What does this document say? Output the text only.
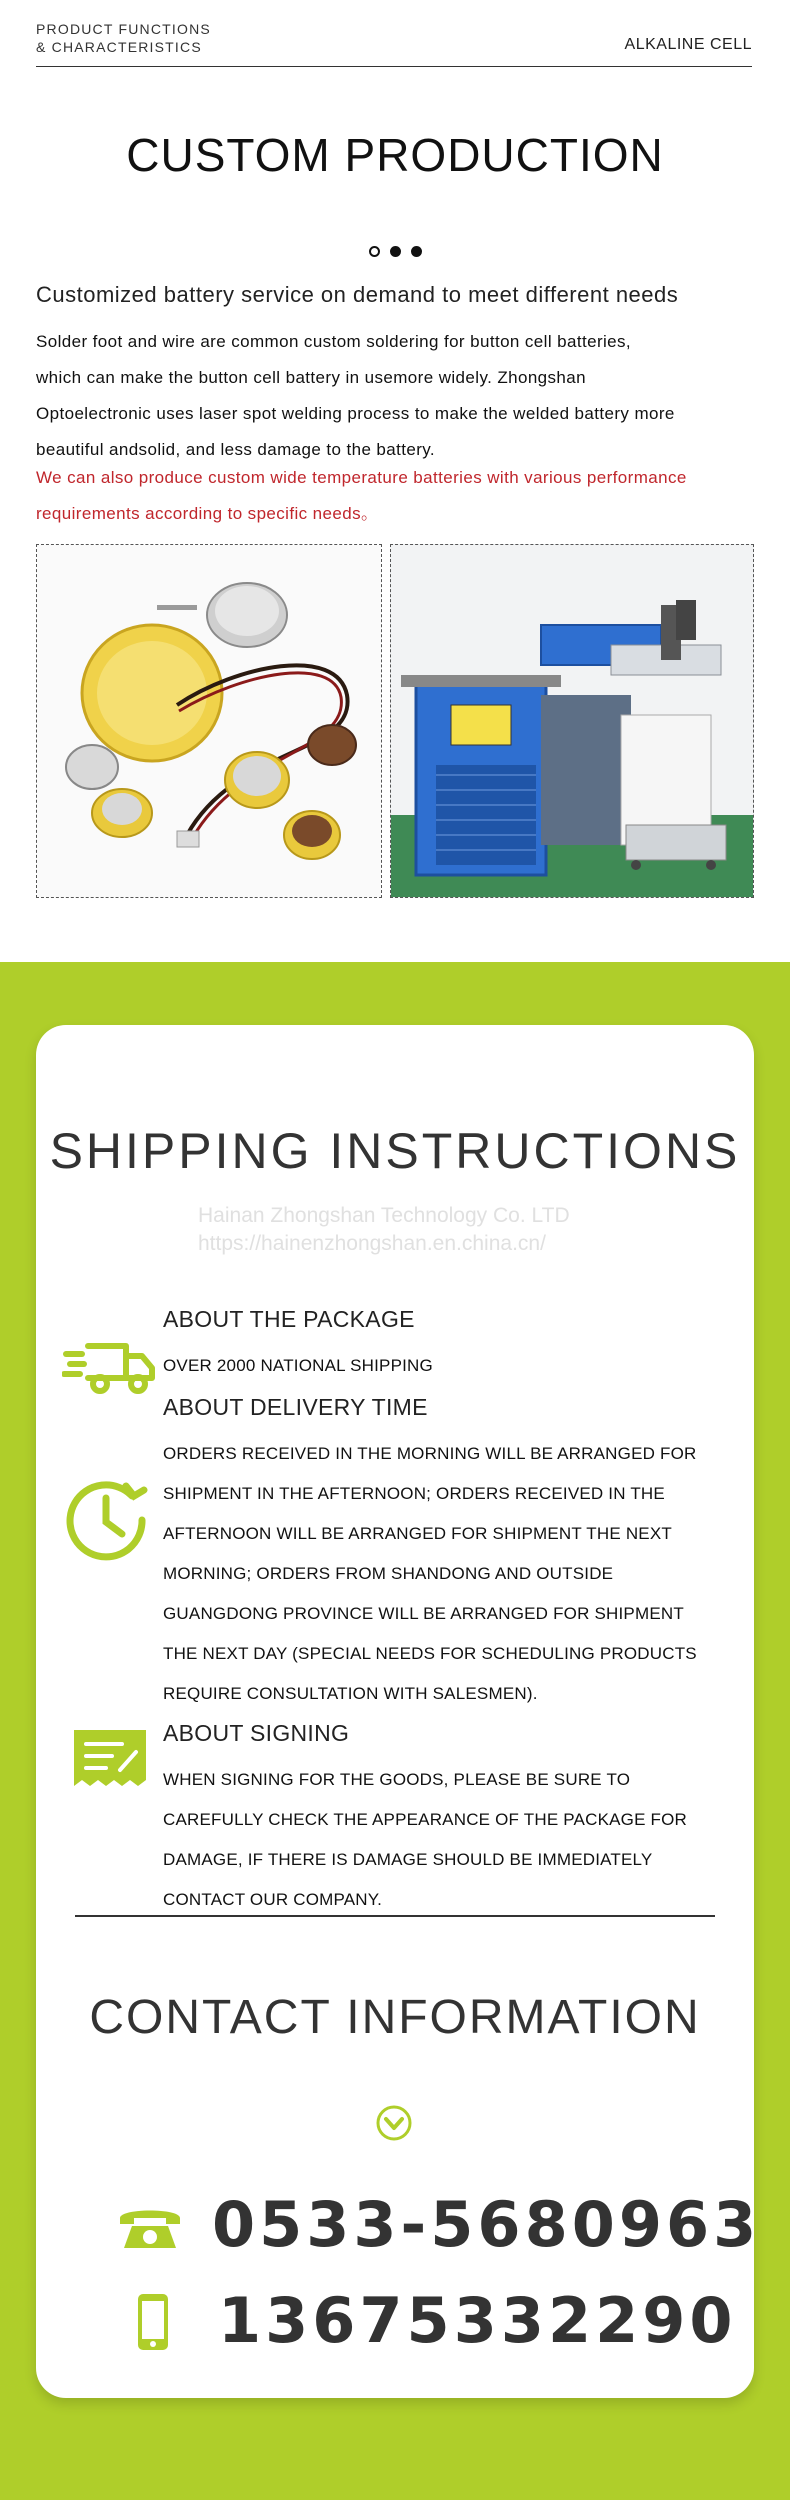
PRODUCT FUNCTIONS
& CHARACTERISTICS	ALKALINE CELL
CUSTOM PRODUCTION
Customized battery service on demand to meet different needs
Solder foot and wire are common custom soldering for button cell batteries,
which can make the button cell battery in usemore widely. Zhongshan
Optoelectronic uses laser spot welding process to make the welded battery more
beautiful andsolid, and less damage to the battery.
We can also produce custom wide temperature batteries with various performance
requirements according to specific needs。
SHIPPING INSTRUCTIONS
Hainan Zhongshan Technology Co. LTD
https://hainenzhongshan.en.china.cn/
ABOUT THE PACKAGE
OVER 2000 NATIONAL SHIPPING
ABOUT DELIVERY TIME
ORDERS RECEIVED IN THE MORNING WILL BE ARRANGED FOR
SHIPMENT IN THE AFTERNOON; ORDERS RECEIVED IN THE
AFTERNOON WILL BE ARRANGED FOR SHIPMENT THE NEXT
MORNING; ORDERS FROM SHANDONG AND OUTSIDE
GUANGDONG PROVINCE WILL BE ARRANGED FOR SHIPMENT
THE NEXT DAY (SPECIAL NEEDS FOR SCHEDULING PRODUCTS
REQUIRE CONSULTATION WITH SALESMEN).
ABOUT SIGNING
WHEN SIGNING FOR THE GOODS, PLEASE BE SURE TO
CAREFULLY CHECK THE APPEARANCE OF THE PACKAGE FOR
DAMAGE, IF THERE IS DAMAGE SHOULD BE IMMEDIATELY
CONTACT OUR COMPANY.
CONTACT INFORMATION
0533-5680963
13675332290
